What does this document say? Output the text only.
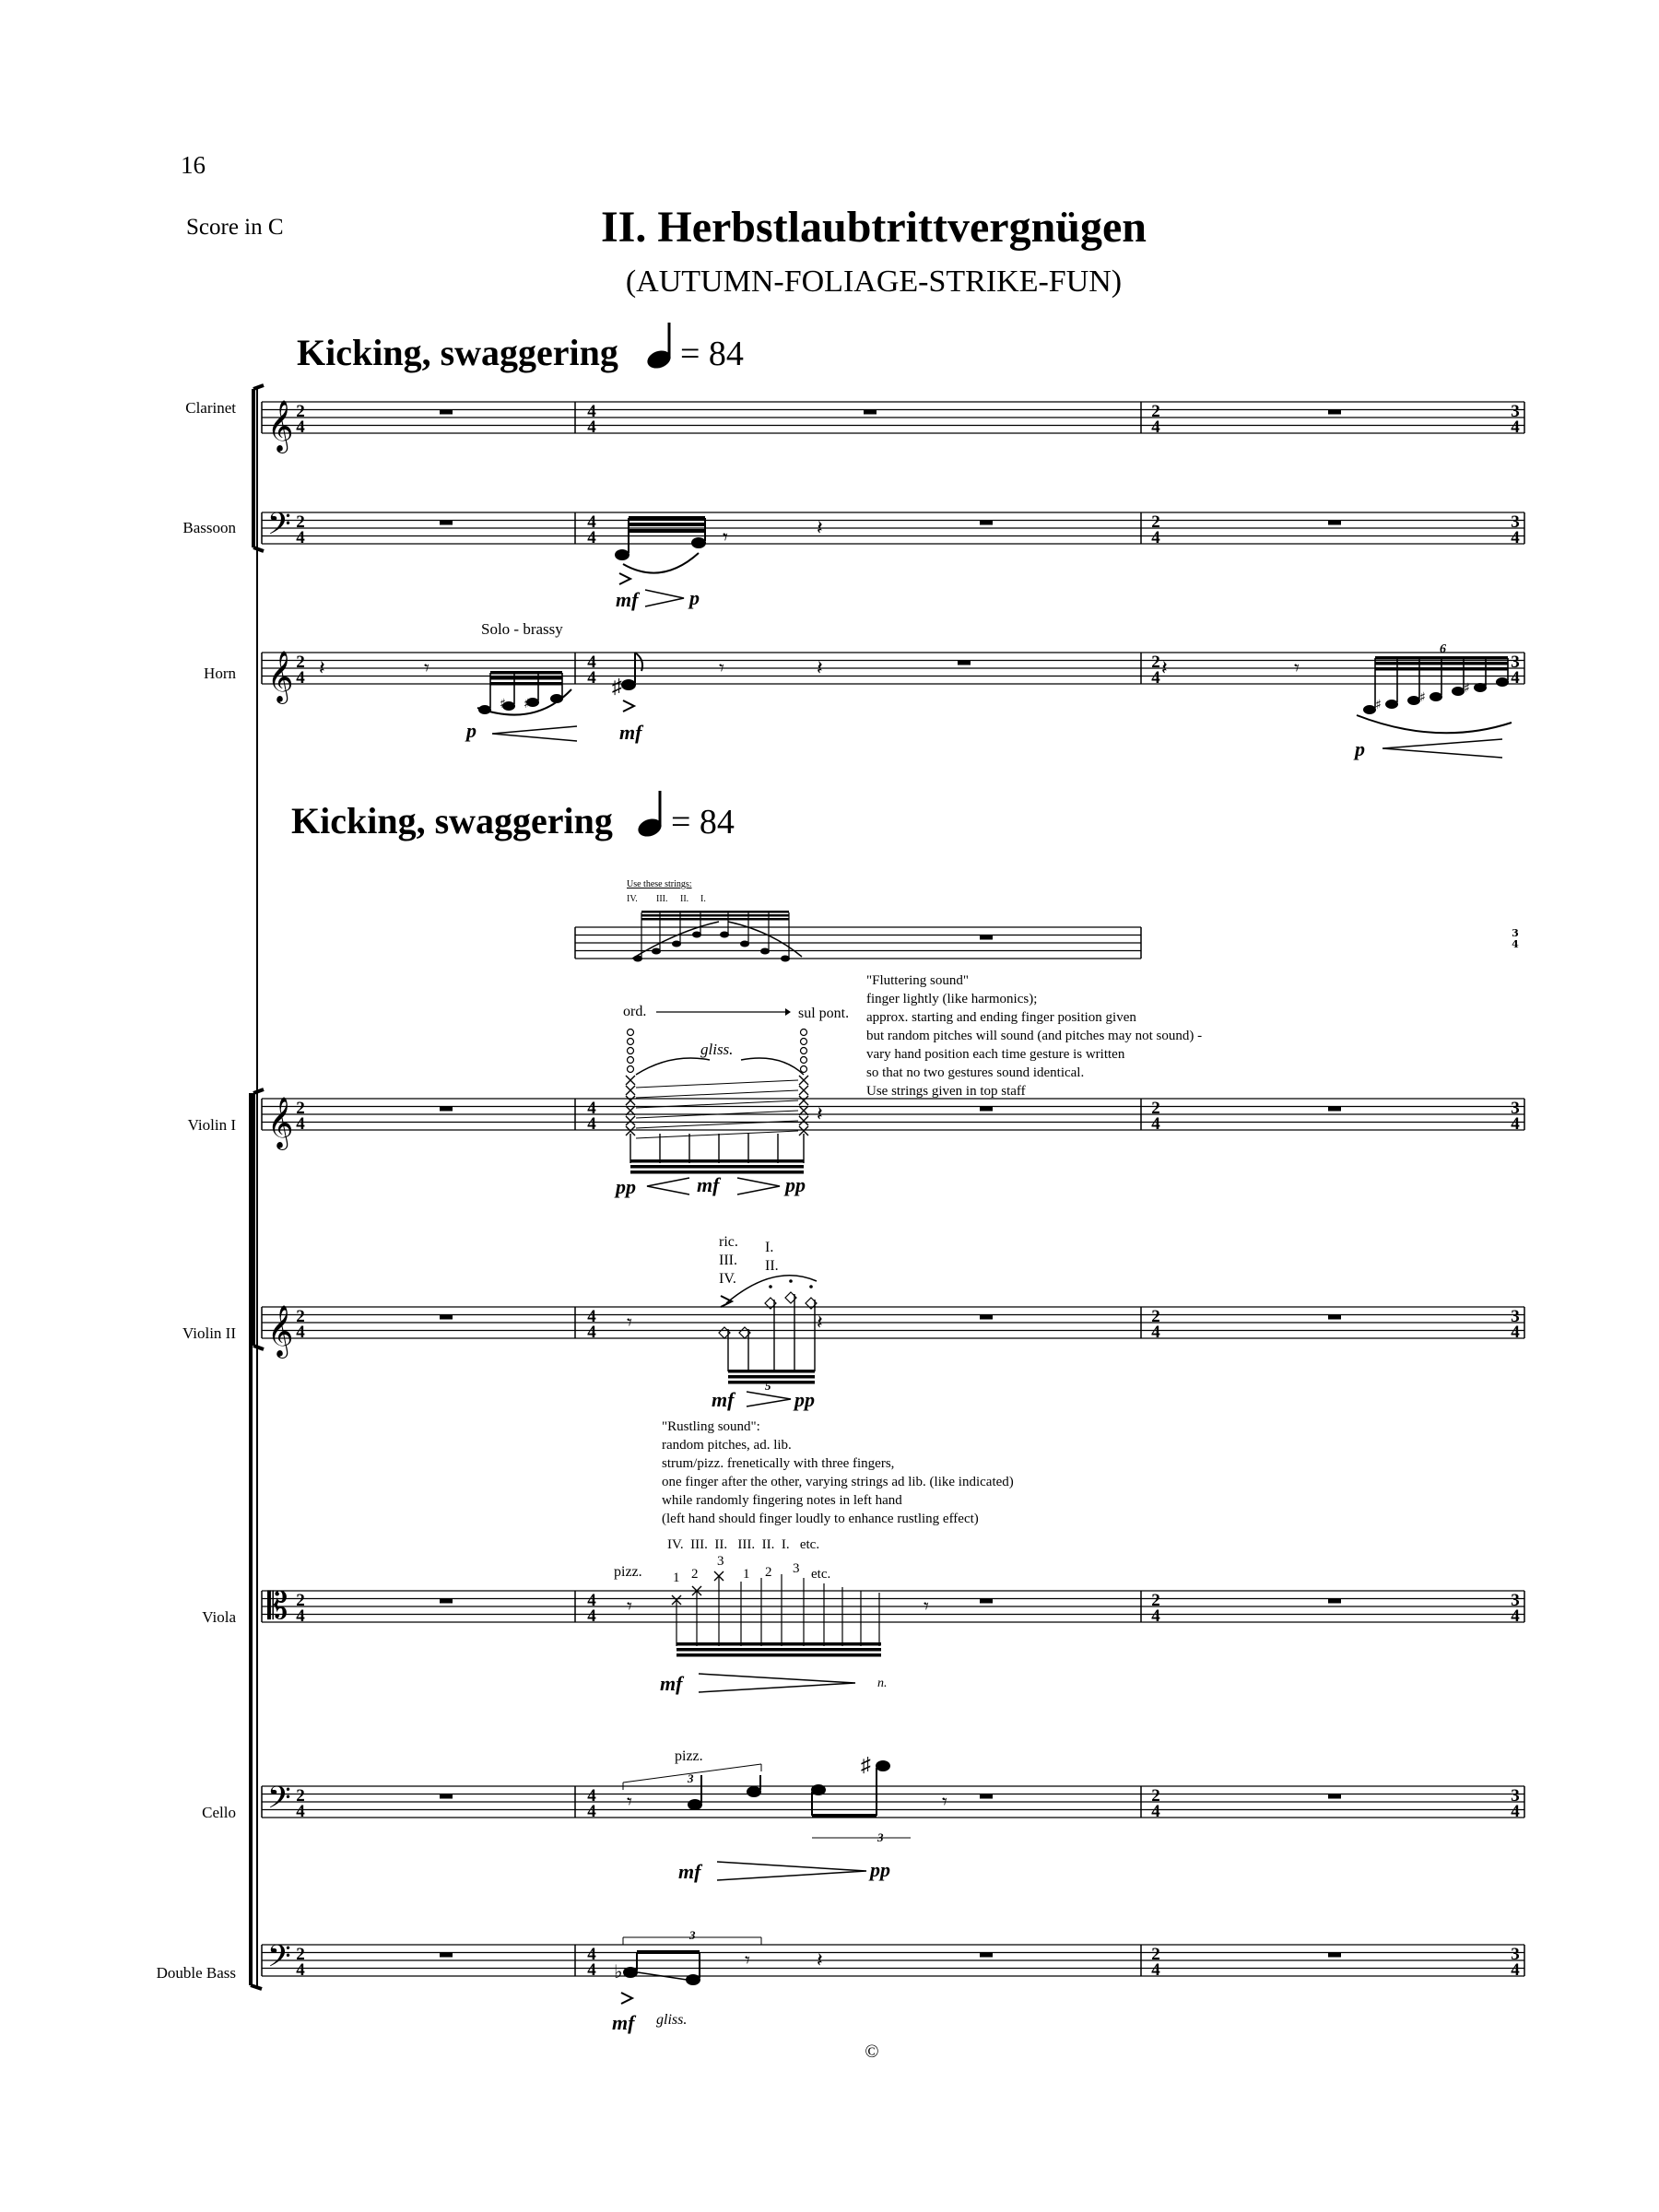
16
Score in C	II. Herbstlaubtrittvergnügen
(AUTUMN-FOLIAGE-STRIKE-FUN)
Kicking, swaggering = 84
Kicking, swaggering = 84
Clarinet
Bassoon
Horn
Violin I
Violin II
Viola
Cello
Double Bass
𝄞 2
4
4
4
2
4
3
4
𝄢 2
4
4
4
2
4
3
4
𝄞 2
4
4
4
2
4
3
4
𝄞 2
4
4
4
2
4
3
4
𝄞 2
4
4
4
2
4
3
4
𝄡 2
4
4
4
2
4
3
4
𝄢 2
4
4
4
2
4
3
4
𝄢 2
4
4
4
2
4
3
4
3
4
𝄽
𝄽	𝄾	𝄾	𝄽	𝄽	𝄾
𝄽
𝄾	𝄽
𝄾	𝄾
𝄾	𝄾
𝄾	𝄽
𝄾
mf	p
Solo - brassy
♯ ♯
p
♯
mf
♯	♯
♯
6
p
Use these strings:
IV. III. II. I.
ord.	sul pont.
gliss.
pp	mf	pp
"Fluttering sound"
finger lightly (like harmonics);
approx. starting and ending finger position given
but random pitches will sound (and pitches may not sound) -
vary hand position each time gesture is written
so that no two gestures sound identical.
Use strings given in top staff
ric.
III.
IV.
I.
II.
5
mf	pp
"Rustling sound":
random pitches, ad. lib.
strum/pizz. frenetically with three fingers,
one finger after the other, varying strings ad lib. (like indicated)
while randomly fingering notes in left hand
(left hand should finger loudly to enhance rustling effect)
IV.  III.  II.   III.  II.  I.   etc.
pizz. 1 2
3
1 2 3 etc.
mf	n.
pizz.
3
♯
3
mf	pp
3
♭
mf gliss.
©
